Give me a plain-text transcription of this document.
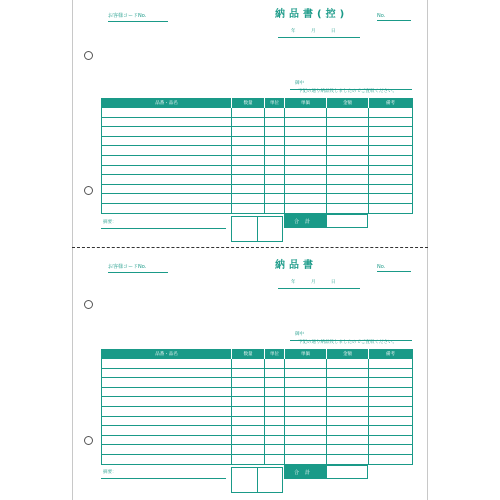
お客様コードNo.	納品書(控)	No.
年	月	日
御中
下記の通り納品致しましたのでご査収ください。
品番・品名	数量	単位	単価	金額	備考

摘要：	合計
お客様コードNo.	納品書	No.
年	月	日
御中
下記の通り納品致しましたのでご査収ください。
品番・品名	数量	単位	単価	金額	備考

摘要：	合計
